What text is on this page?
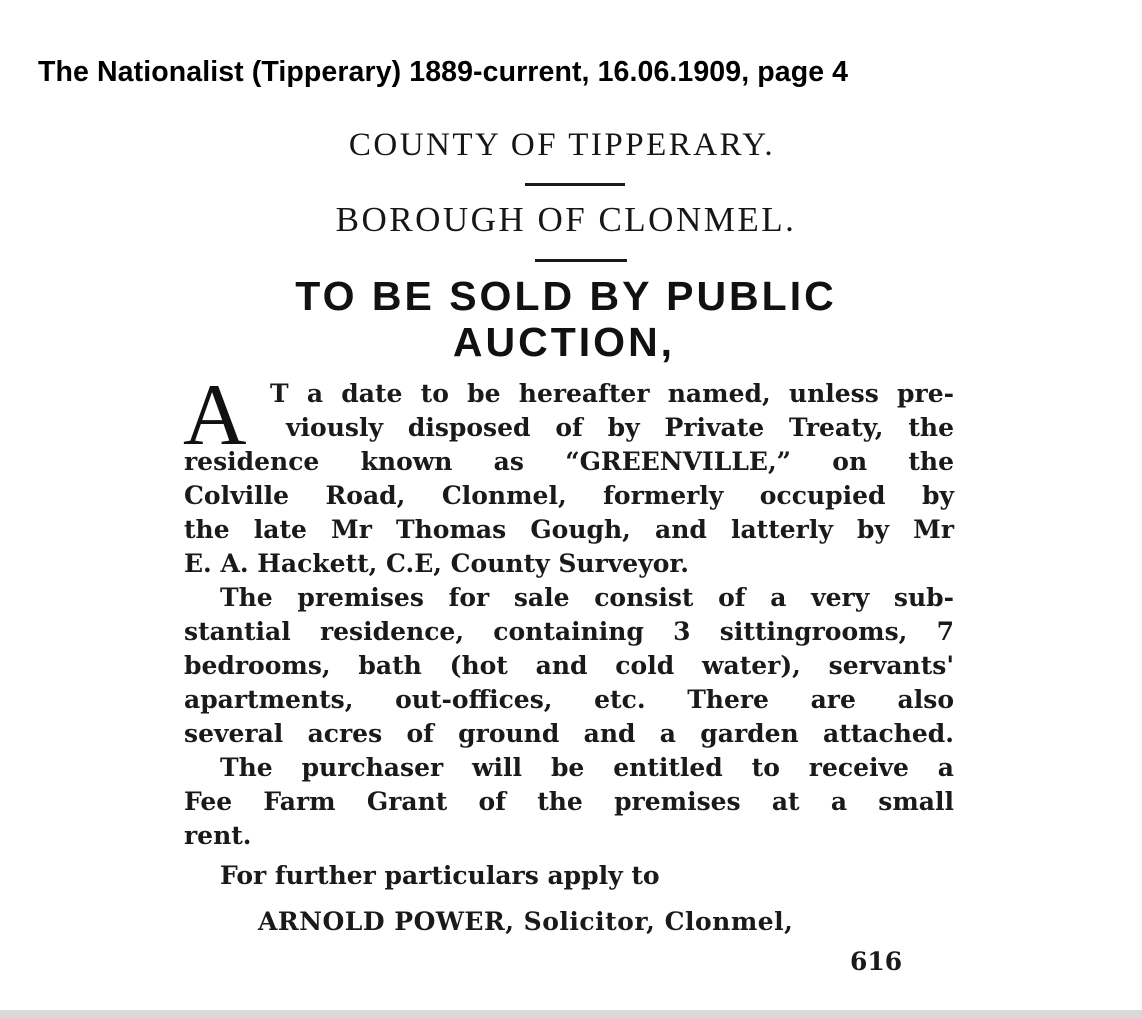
The Nationalist (Tipperary) 1889-current, 16.06.1909, page 4
COUNTY OF TIPPERARY.
BOROUGH OF CLONMEL.
TO BE SOLD BY PUBLIC
AUCTION,
A T a date to be hereafter named, unless pre-
viously disposed of by Private Treaty, the
residence known as “GREENVILLE,” on the
Colville Road, Clonmel, formerly occupied by
the late Mr Thomas Gough, and latterly by Mr
E. A. Hackett, C.E, County Surveyor.
The premises for sale consist of a very sub-
stantial residence, containing 3 sittingrooms, 7
bedrooms, bath (hot and cold water), servants'
apartments, out-offices, etc. There are also
several acres of ground and a garden attached.
The purchaser will be entitled to receive a
Fee Farm Grant of the premises at a small
rent.
For further particulars apply to
ARNOLD POWER, Solicitor, Clonmel,
616
